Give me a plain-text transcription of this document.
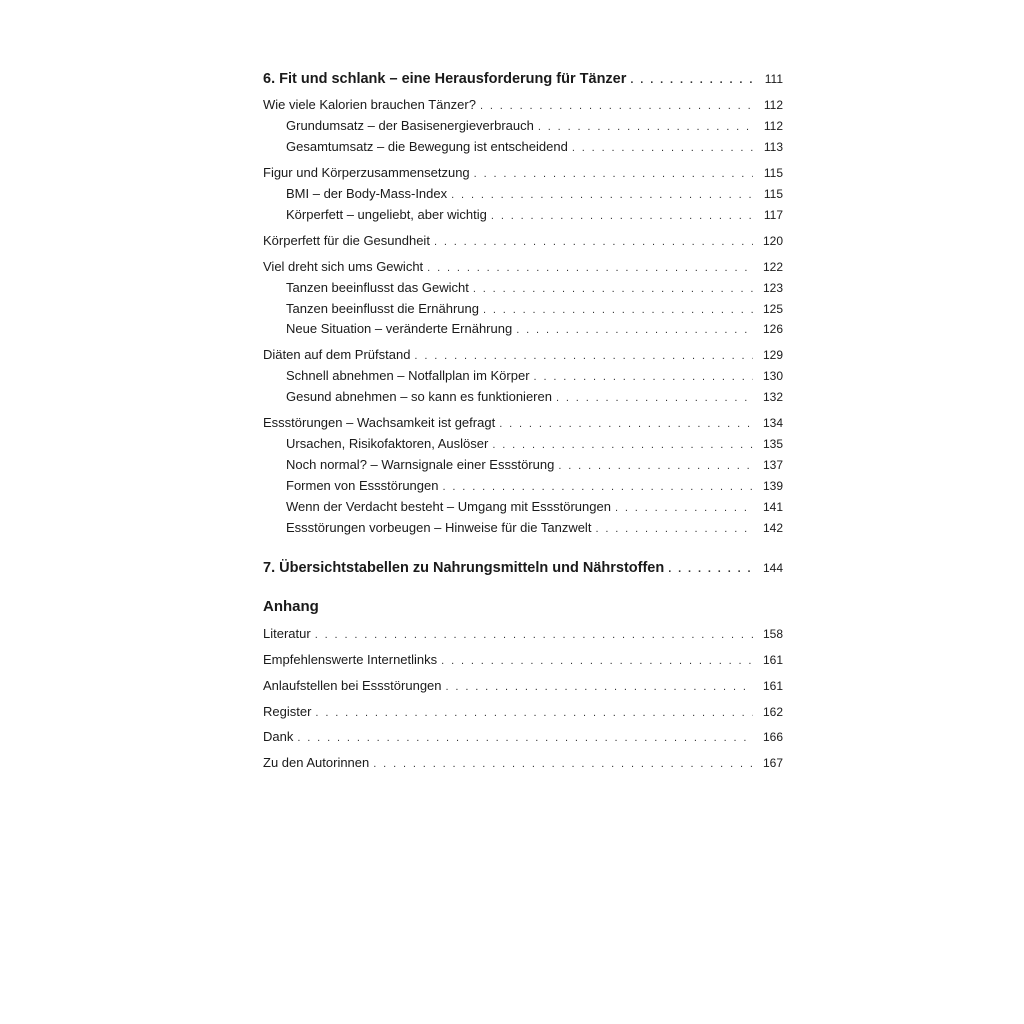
6. Fit und schlank – eine Herausforderung für Tänzer . . .	111
Wie viele Kalorien brauchen Tänzer? . . .	112
Grundumsatz – der Basisenergieverbrauch . . .	112
Gesamtumsatz – die Bewegung ist entscheidend . . .	113
Figur und Körperzusammensetzung . . .	115
BMI – der Body-Mass-Index . . .	115
Körperfett – ungeliebt, aber wichtig . . .	117
Körperfett für die Gesundheit . . .	120
Viel dreht sich ums Gewicht . . .	122
Tanzen beeinflusst das Gewicht . . .	123
Tanzen beeinflusst die Ernährung . . .	125
Neue Situation – veränderte Ernährung . . .	126
Diäten auf dem Prüfstand . . .	129
Schnell abnehmen – Notfallplan im Körper . . .	130
Gesund abnehmen – so kann es funktionieren . . .	132
Essstörungen – Wachsamkeit ist gefragt . . .	134
Ursachen, Risikofaktoren, Auslöser . . .	135
Noch normal? – Warnsignale einer Essstörung . . .	137
Formen von Essstörungen . . .	139
Wenn der Verdacht besteht – Umgang mit Essstörungen . . .	141
Essstörungen vorbeugen – Hinweise für die Tanzwelt . . .	142
7. Übersichtstabellen zu Nahrungsmitteln und Nährstoffen . . .	144
Anhang
Literatur . . .	158
Empfehlenswerte Internetlinks . . .	161
Anlaufstellen bei Essstörungen . . .	161
Register . . .	162
Dank . . .	166
Zu den Autorinnen . . .	167
